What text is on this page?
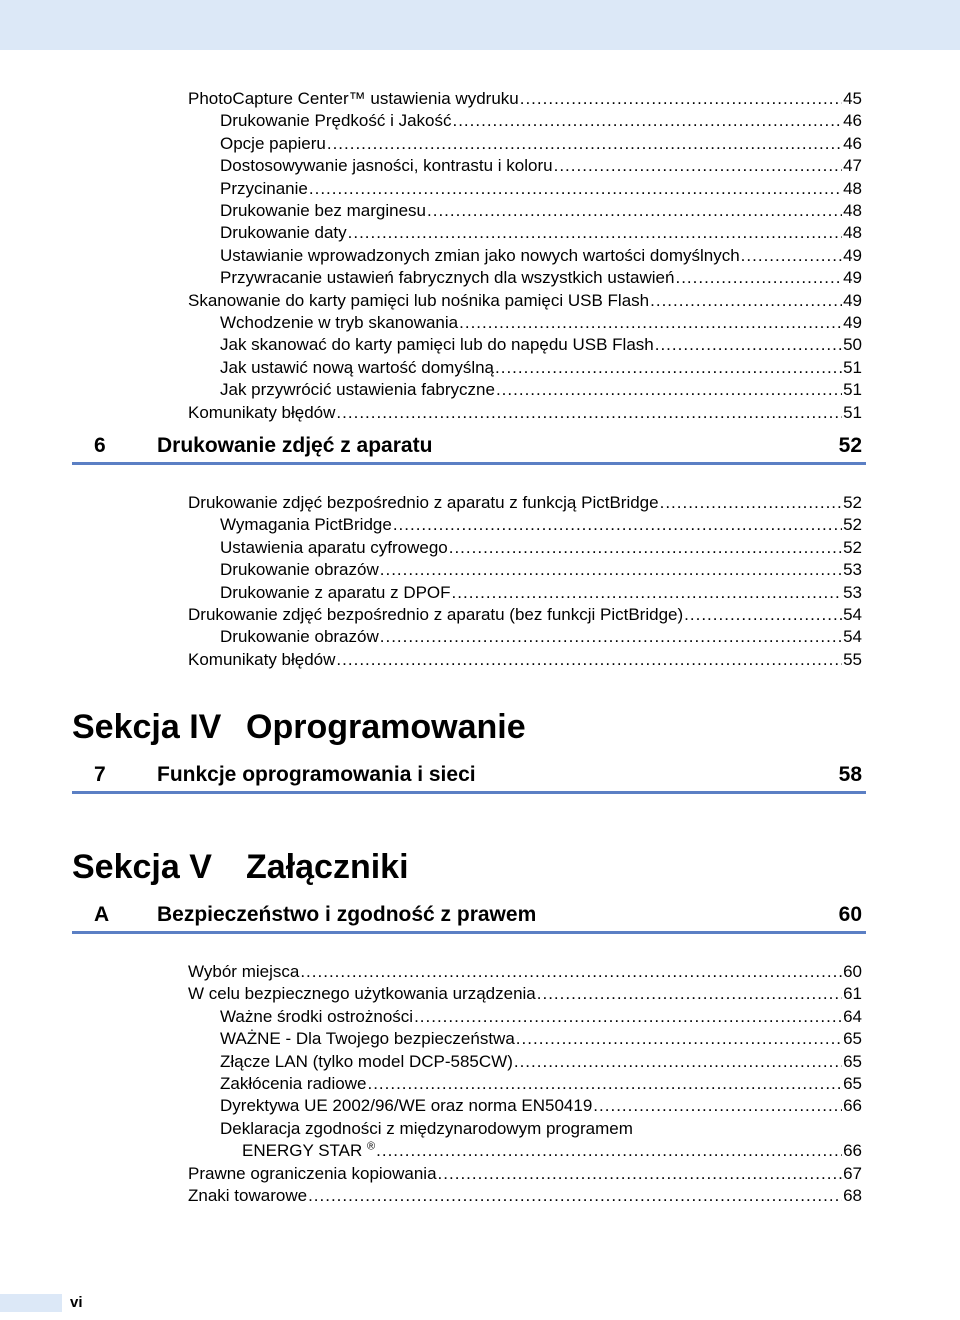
PhotoCapture Center™ ustawienia wydruku .....	45
Drukowanie Prędkość i Jakość .....	46
Opcje papieru .....	46
Dostosowywanie jasności, kontrastu i koloru .....	47
Przycinanie .....	48
Drukowanie bez marginesu .....	48
Drukowanie daty .....	48
Ustawianie wprowadzonych zmian jako nowych wartości domyślnych .....	49
Przywracanie ustawień fabrycznych dla wszystkich ustawień .....	49
Skanowanie do karty pamięci lub nośnika pamięci USB Flash .....	49
Wchodzenie w tryb skanowania .....	49
Jak skanować do karty pamięci lub do napędu USB Flash .....	50
Jak ustawić nową wartość domyślną .....	51
Jak przywrócić ustawienia fabryczne .....	51
Komunikaty błędów .....	51
6 Drukowanie zdjęć z aparatu	52
Drukowanie zdjęć bezpośrednio z aparatu z funkcją PictBridge .....	52
Wymagania PictBridge .....	52
Ustawienia aparatu cyfrowego .....	52
Drukowanie obrazów .....	53
Drukowanie z aparatu z DPOF .....	53
Drukowanie zdjęć bezpośrednio z aparatu (bez funkcji PictBridge) .....	54
Drukowanie obrazów .....	54
Komunikaty błędów .....	55
Sekcja IV Oprogramowanie
7 Funkcje oprogramowania i sieci	58
Sekcja V Załączniki
A Bezpieczeństwo i zgodność z prawem	60
Wybór miejsca .....	60
W celu bezpiecznego użytkowania urządzenia .....	61
Ważne środki ostrożności .....	64
WAŻNE - Dla Twojego bezpieczeństwa .....	65
Złącze LAN (tylko model DCP-585CW) .....	65
Zakłócenia radiowe .....	65
Dyrektywa UE 2002/96/WE oraz norma EN50419 .....	66
Deklaracja zgodności z międzynarodowym programem
ENERGY STAR ® .....	66
Prawne ograniczenia kopiowania .....	67
Znaki towarowe .....	68
vi
